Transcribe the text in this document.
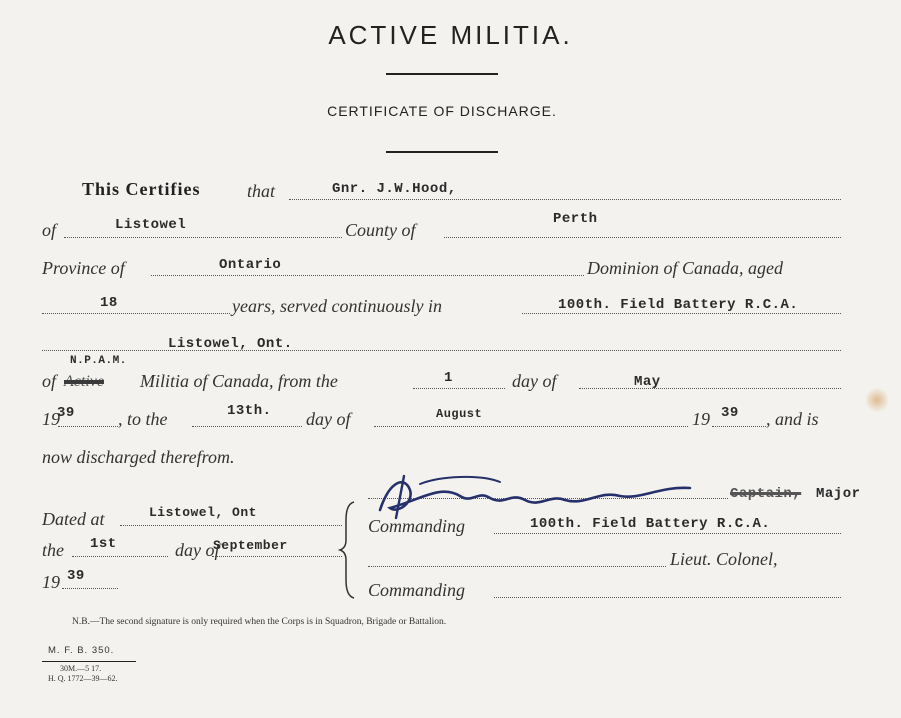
ACTIVE MILITIA.
CERTIFICATE OF DISCHARGE.
This Certifies	that	Gnr. J.W.Hood,
of	Listowel	County of
Perth
Province of	Ontario	Dominion of Canada, aged
18	years, served continuously in	100th. Field Battery R.C.A.
Listowel, Ont.
N.P.A.M.
of Active Militia of Canada, from the	1	day of	May
19
39 , to the	13th. day of	August	19 39 , and is
now discharged therefrom.
Dated at	Listowel, Ont
the 1st	day of
September
19 39
Captain, Major
Commanding	100th. Field Battery R.C.A.
Lieut. Colonel,
Commanding
N.B.—The second signature is only required when the Corps is in Squadron, Brigade or Battalion.
M. F. B. 350.
30M.—5 17.
H. Q. 1772—39—62.
